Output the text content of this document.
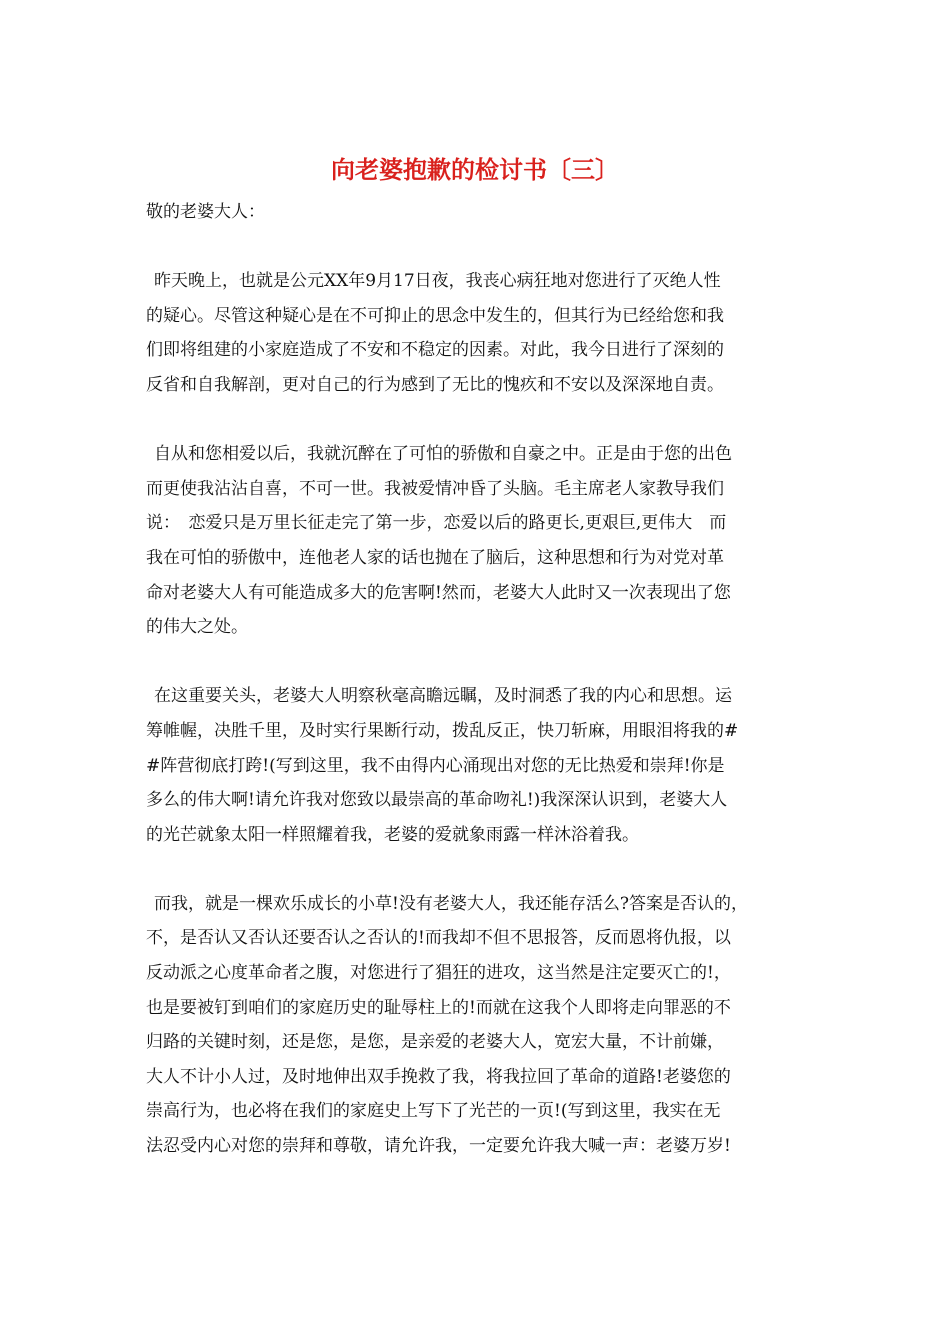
向老婆抱歉的检讨书〔三〕
敬的老婆大人：
昨天晚上，也就是公元XX年9月17日夜，我丧心病狂地对您进行了灭绝人性
的疑心。尽管这种疑心是在不可抑止的思念中发生的，但其行为已经给您和我
们即将组建的小家庭造成了不安和不稳定的因素。对此，我今日进行了深刻的
反省和自我解剖，更对自己的行为感到了无比的愧疚和不安以及深深地自责。
自从和您相爱以后，我就沉醉在了可怕的骄傲和自豪之中。正是由于您的出色
而更使我沾沾自喜，不可一世。我被爱情冲昏了头脑。毛主席老人家教导我们
说：　恋爱只是万里长征走完了第一步，恋爱以后的路更长,更艰巨,更伟大　而
我在可怕的骄傲中，连他老人家的话也抛在了脑后，这种思想和行为对党对革
命对老婆大人有可能造成多大的危害啊!然而，老婆大人此时又一次表现出了您
的伟大之处。
在这重要关头，老婆大人明察秋毫高瞻远瞩，及时洞悉了我的内心和思想。运
筹帷幄，决胜千里，及时实行果断行动，拨乱反正，快刀斩麻，用眼泪将我的#
#阵营彻底打跨!(写到这里，我不由得内心涌现出对您的无比热爱和崇拜!你是
多么的伟大啊!请允许我对您致以最崇高的革命吻礼!)我深深认识到，老婆大人
的光芒就象太阳一样照耀着我，老婆的爱就象雨露一样沐浴着我。
而我，就是一棵欢乐成长的小草!没有老婆大人，我还能存活么?答案是否认的，
不，是否认又否认还要否认之否认的!而我却不但不思报答，反而恩将仇报，以
反动派之心度革命者之腹，对您进行了猖狂的进攻，这当然是注定要灭亡的!，
也是要被钉到咱们的家庭历史的耻辱柱上的!而就在这我个人即将走向罪恶的不
归路的关键时刻，还是您，是您，是亲爱的老婆大人，宽宏大量，不计前嫌，
大人不计小人过，及时地伸出双手挽救了我，将我拉回了革命的道路!老婆您的
崇高行为，也必将在我们的家庭史上写下了光芒的一页!(写到这里，我实在无
法忍受内心对您的崇拜和尊敬，请允许我，一定要允许我大喊一声：老婆万岁!
